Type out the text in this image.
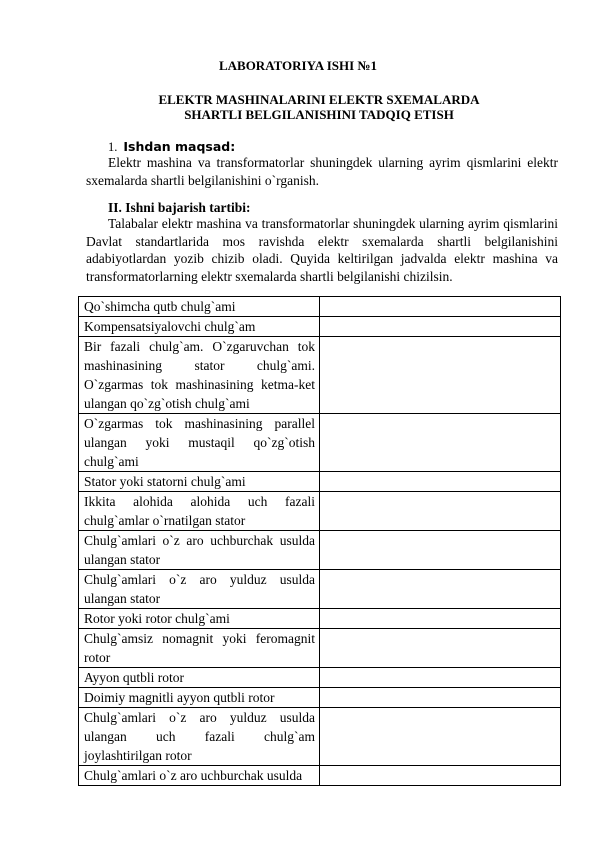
LABORATORIYA ISHI №1
ELEKTR MASHINALARINI ELEKTR SXEMALARDA
SHARTLI BELGILANISHINI TADQIQ ETISH
1. Ishdan maqsad:
Elektr mashina va transformatorlar shuningdek ularning ayrim qismlarini elektr sxemalarda shartli belgilanishini o`rganish.
II. Ishni bajarish tartibi:
Talabalar elektr mashina va transformatorlar shuningdek ularning ayrim qismlarini Davlat standartlarida mos ravishda elektr sxemalarda shartli belgilanishini adabiyotlardan yozib chizib oladi. Quyida keltirilgan jadvalda elektr mashina va transformatorlarning elektr sxemalarda shartli belgilanishi chizilsin.
Qo`shimcha qutb chulg`ami	
Kompensatsiyalovchi chulg`am	
Bir fazali chulg`am. O`zgaruvchan tok mashinasining stator chulg`ami. O`zgarmas tok mashinasining ketma-ket ulangan qo`zg`otish chulg`ami	
O`zgarmas tok mashinasining parallel ulangan yoki mustaqil qo`zg`otish chulg`ami	
Stator yoki statorni chulg`ami	
Ikkita alohida alohida uch fazali chulg`amlar o`rnatilgan stator	
Chulg`amlari o`z aro uchburchak usulda ulangan stator	
Chulg`amlari o`z aro yulduz usulda ulangan stator	
Rotor yoki rotor chulg`ami	
Chulg`amsiz nomagnit yoki feromagnit rotor	
Ayyon qutbli rotor	
Doimiy magnitli ayyon qutbli rotor	
Chulg`amlari o`z aro yulduz usulda ulangan uch fazali chulg`am joylashtirilgan rotor	
Chulg`amlari o`z aro uchburchak usulda	
